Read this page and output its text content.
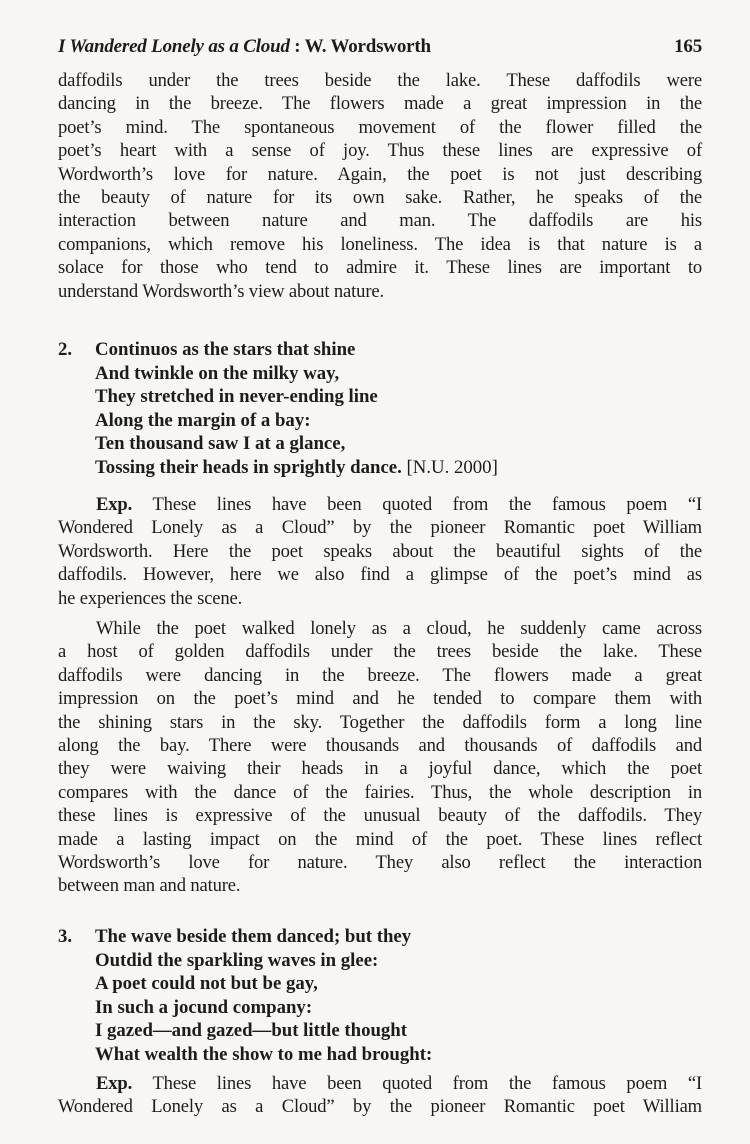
I Wandered Lonely as a Cloud : W. Wordsworth	165
daffodils under the trees beside the lake. These daffodils were
dancing in the breeze. The flowers made a great impression in the
poet’s mind. The spontaneous movement of the flower filled the
poet’s heart with a sense of joy. Thus these lines are expressive of
Wordworth’s love for nature. Again, the poet is not just describing
the beauty of nature for its own sake. Rather, he speaks of the
interaction between nature and man. The daffodils are his
companions, which remove his loneliness. The idea is that nature is a
solace for those who tend to admire it. These lines are important to
understand Wordsworth’s view about nature.
2. Continuos as the stars that shine
And twinkle on the milky way,
They stretched in never-ending line
Along the margin of a bay:
Ten thousand saw I at a glance,
Tossing their heads in sprightly dance. [N.U. 2000]
Exp. These lines have been quoted from the famous poem “I
Wondered Lonely as a Cloud” by the pioneer Romantic poet William
Wordsworth. Here the poet speaks about the beautiful sights of the
daffodils. However, here we also find a glimpse of the poet’s mind as
he experiences the scene.
While the poet walked lonely as a cloud, he suddenly came across
a host of golden daffodils under the trees beside the lake. These
daffodils were dancing in the breeze. The flowers made a great
impression on the poet’s mind and he tended to compare them with
the shining stars in the sky. Together the daffodils form a long line
along the bay. There were thousands and thousands of daffodils and
they were waiving their heads in a joyful dance, which the poet
compares with the dance of the fairies. Thus, the whole description in
these lines is expressive of the unusual beauty of the daffodils. They
made a lasting impact on the mind of the poet. These lines reflect
Wordsworth’s love for nature. They also reflect the interaction
between man and nature.
3. The wave beside them danced; but they
Outdid the sparkling waves in glee:
A poet could not but be gay,
In such a jocund company:
I gazed—and gazed—but little thought
What wealth the show to me had brought:
Exp. These lines have been quoted from the famous poem “I
Wondered Lonely as a Cloud” by the pioneer Romantic poet William
